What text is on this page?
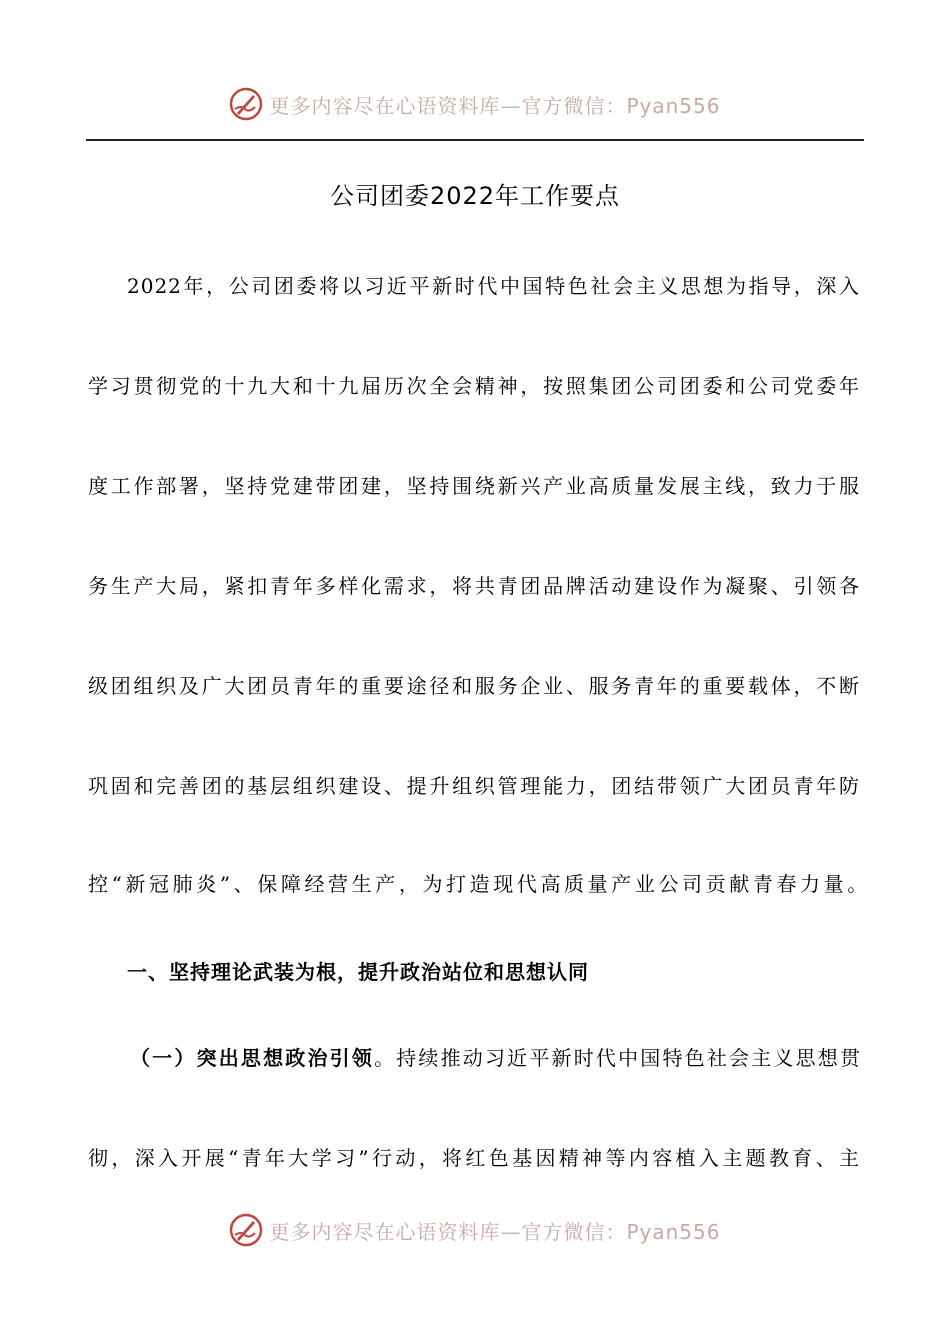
更多内容尽在心语资料库—官方微信：Pyan556
公司团委2022年工作要点
2022年，公司团委将以习近平新时代中国特色社会主义思想为指导，深入
学习贯彻党的十九大和十九届历次全会精神，按照集团公司团委和公司党委年
度工作部署，坚持党建带团建，坚持围绕新兴产业高质量发展主线，致力于服
务生产大局，紧扣青年多样化需求，将共青团品牌活动建设作为凝聚、引领各
级团组织及广大团员青年的重要途径和服务企业、服务青年的重要载体，不断
巩固和完善团的基层组织建设、提升组织管理能力，团结带领广大团员青年防
控“新冠肺炎”、保障经营生产，为打造现代高质量产业公司贡献青春力量。
一、坚持理论武装为根，提升政治站位和思想认同
（一）突出思想政治引领。持续推动习近平新时代中国特色社会主义思想贯
彻，深入开展“青年大学习”行动，将红色基因精神等内容植入主题教育、主
更多内容尽在心语资料库—官方微信：Pyan556
